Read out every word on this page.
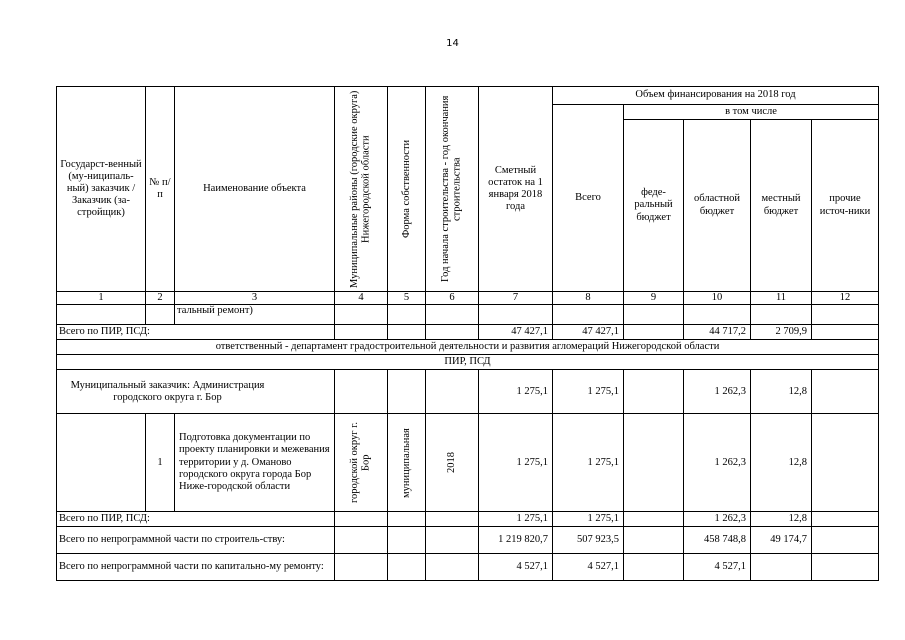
14
Государст-венный (му-ниципаль-ный) заказчик / Заказчик (за-стройщик)	№ п/п	Наименование объекта	Муниципальные районы (городские округа) Нижегородской области	Форма собственности	Год начала строительства - год окончания строительства	Сметный остаток на 1 января 2018 года	Объем финансирования на 2018 год				
							Всего	в том числе			
								феде-ральный бюджет	областной бюджет	местный бюджет	прочие источ-ники
1	2	3	4	5	6	7	8	9	10	11	12
		тальный ремонт)									
Всего по ПИР, ПСД:						47 427,1	47 427,1		44 717,2	2 709,9	
ответственный - департамент градостроительной деятельности и развития агломераций Нижегородской области											
ПИР, ПСД											
Муниципальный заказчик: Администрация городского округа г. Бор						1 275,1	1 275,1		1 262,3	12,8	
	1	Подготовка документации по проекту планировки и межевания территории у д. Оманово городского округа города Бор Ниже-городской области	городской округ г. Бор	муниципальная	2018	1 275,1	1 275,1		1 262,3	12,8	
Всего по ПИР, ПСД:						1 275,1	1 275,1		1 262,3	12,8	
Всего по непрограммной части по строитель-ству:						1 219 820,7	507 923,5		458 748,8	49 174,7	
Всего по непрограммной части по капитально-му ремонту:						4 527,1	4 527,1		4 527,1		
